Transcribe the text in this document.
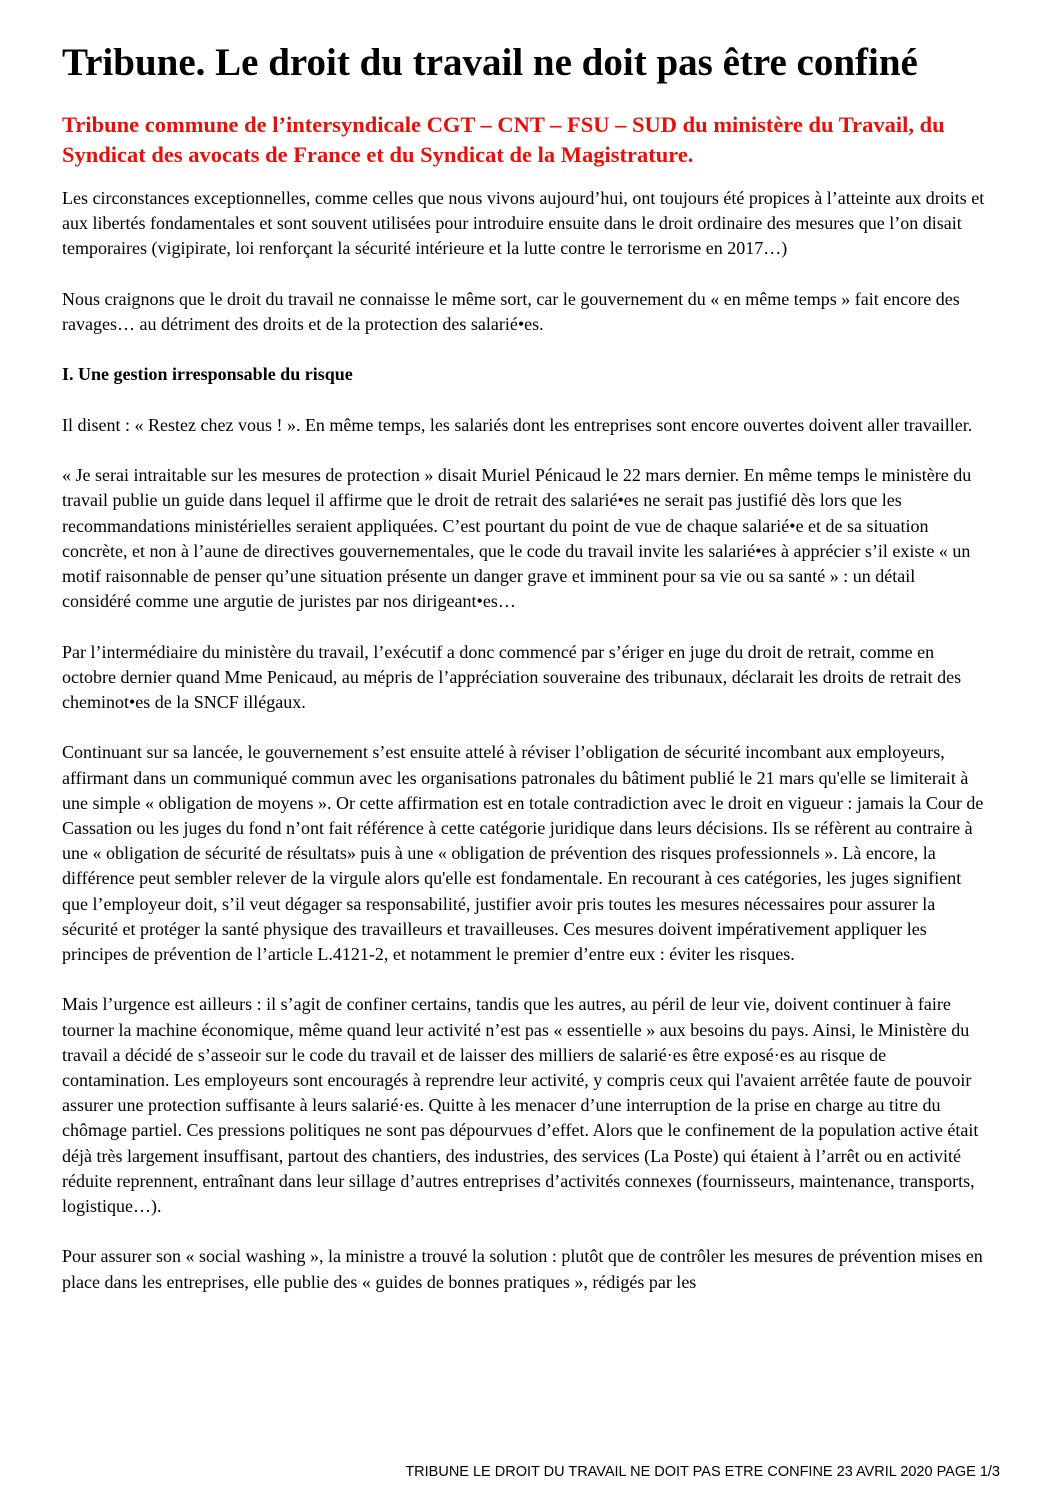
Tribune. Le droit du travail ne doit pas être confiné
Tribune commune de l’intersyndicale CGT – CNT – FSU – SUD du ministère du Travail, du Syndicat des avocats de France et du Syndicat de la Magistrature.

Les circonstances exceptionnelles, comme celles que nous vivons aujourd’hui, ont toujours été propices à l’atteinte aux droits et aux libertés fondamentales et sont souvent utilisées pour introduire ensuite dans le droit ordinaire des mesures que l’on disait temporaires (vigipirate, loi renforçant la sécurité intérieure et la lutte contre le terrorisme en 2017…)

Nous craignons que le droit du travail ne connaisse le même sort, car le gouvernement du « en même temps » fait encore des ravages… au détriment des droits et de la protection des salarié•es.

I. Une gestion irresponsable du risque

Il disent : « Restez chez vous ! ». En même temps, les salariés dont les entreprises sont encore ouvertes doivent aller travailler.

« Je serai intraitable sur les mesures de protection » disait Muriel Pénicaud le 22 mars dernier. En même temps le ministère du travail publie un guide dans lequel il affirme que le droit de retrait des salarié•es ne serait pas justifié dès lors que les recommandations ministérielles seraient appliquées. C’est pourtant du point de vue de chaque salarié•e et de sa situation concrète, et non à l’aune de directives gouvernementales, que le code du travail invite les salarié•es à apprécier s’il existe « un motif raisonnable de penser qu’une situation présente un danger grave et imminent pour sa vie ou sa santé » : un détail considéré comme une argutie de juristes par nos dirigeant•es…

Par l’intermédiaire du ministère du travail, l’exécutif a donc commencé par s’ériger en juge du droit de retrait, comme en octobre dernier quand Mme Penicaud, au mépris de l’appréciation souveraine des tribunaux, déclarait les droits de retrait des cheminot•es de la SNCF illégaux.

Continuant sur sa lancée, le gouvernement s’est ensuite attelé à réviser l’obligation de sécurité incombant aux employeurs, affirmant dans un communiqué commun avec les organisations patronales du bâtiment publié le 21 mars qu'elle se limiterait à une simple « obligation de moyens ». Or cette affirmation est en totale contradiction avec le droit en vigueur : jamais la Cour de Cassation ou les juges du fond n’ont fait référence à cette catégorie juridique dans leurs décisions. Ils se réfèrent au contraire à une « obligation de sécurité de résultats» puis à une « obligation de prévention des risques professionnels ». Là encore, la différence peut sembler relever de la virgule alors qu'elle est fondamentale. En recourant à ces catégories, les juges signifient que l’employeur doit, s’il veut dégager sa responsabilité, justifier avoir pris toutes les mesures nécessaires pour assurer la sécurité et protéger la santé physique des travailleurs et travailleuses. Ces mesures doivent impérativement appliquer les principes de prévention de l’article L.4121-2, et notamment le premier d’entre eux : éviter les risques.

Mais l’urgence est ailleurs : il s’agit de confiner certains, tandis que les autres, au péril de leur vie, doivent continuer à faire tourner la machine économique, même quand leur activité n’est pas « essentielle » aux besoins du pays. Ainsi, le Ministère du travail a décidé de s’asseoir sur le code du travail et de laisser des milliers de salarié·es être exposé·es au risque de contamination. Les employeurs sont encouragés à reprendre leur activité, y compris ceux qui l'avaient arrêtée faute de pouvoir assurer une protection suffisante à leurs salarié·es. Quitte à les menacer d’une interruption de la prise en charge au titre du chômage partiel. Ces pressions politiques ne sont pas dépourvues d’effet. Alors que le confinement de la population active était déjà très largement insuffisant, partout des chantiers, des industries, des services (La Poste) qui étaient à l’arrêt ou en activité réduite reprennent, entraînant dans leur sillage d’autres entreprises d’activités connexes (fournisseurs, maintenance, transports, logistique…).

Pour assurer son « social washing », la ministre a trouvé la solution : plutôt que de contrôler les mesures de prévention mises en place dans les entreprises, elle publie des « guides de bonnes pratiques », rédigés par les

TRIBUNE LE DROIT DU TRAVAIL NE DOIT PAS ETRE CONFINE 23 AVRIL 2020 PAGE 1/3
